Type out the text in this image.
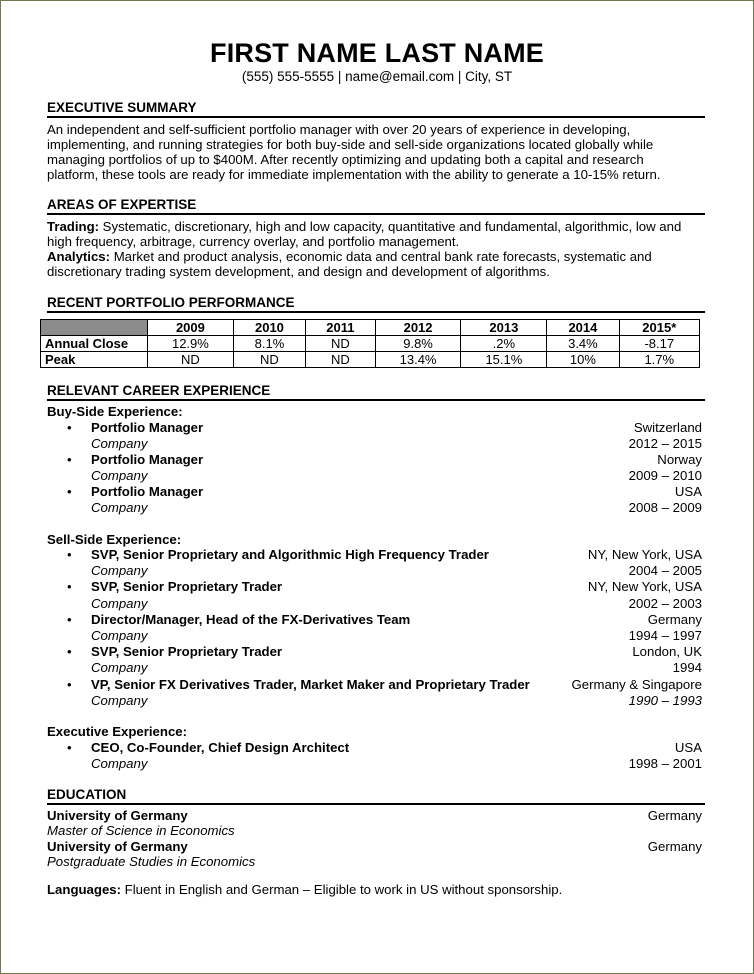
FIRST NAME LAST NAME
(555) 555-5555 | name@email.com | City, ST
EXECUTIVE SUMMARY
An independent and self-sufficient portfolio manager with over 20 years of experience in developing,
implementing, and running strategies for both buy-side and sell-side organizations located globally while
managing portfolios of up to $400M. After recently optimizing and updating both a capital and research
platform, these tools are ready for immediate implementation with the ability to generate a 10-15% return.
AREAS OF EXPERTISE
Trading: Systematic, discretionary, high and low capacity, quantitative and fundamental, algorithmic, low and
high frequency, arbitrage, currency overlay, and portfolio management.
Analytics: Market and product analysis, economic data and central bank rate forecasts, systematic and
discretionary trading system development, and design and development of algorithms.
RECENT PORTFOLIO PERFORMANCE
	2009	2010	2011	2012	2013	2014	2015*
Annual Close	12.9%	8.1%	ND	9.8%	.2%	3.4%	-8.17
Peak	ND	ND	ND	13.4%	15.1%	10%	1.7%
RELEVANT CAREER EXPERIENCE
Buy-Side Experience:
• Portfolio Manager	Switzerland
Company	2012 – 2015
• Portfolio Manager	Norway
Company	2009 – 2010
• Portfolio Manager	USA
Company	2008 – 2009
Sell-Side Experience:
• SVP, Senior Proprietary and Algorithmic High Frequency Trader	NY, New York, USA
Company	2004 – 2005
• SVP, Senior Proprietary Trader	NY, New York, USA
Company	2002 – 2003
• Director/Manager, Head of the FX-Derivatives Team	Germany
Company	1994 – 1997
• SVP, Senior Proprietary Trader	London, UK
Company	1994
• VP, Senior FX Derivatives Trader, Market Maker and Proprietary Trader	Germany & Singapore
Company	1990 – 1993
Executive Experience:
• CEO, Co-Founder, Chief Design Architect	USA
Company	1998 – 2001
EDUCATION
University of Germany	Germany
Master of Science in Economics
University of Germany	Germany
Postgraduate Studies in Economics
Languages: Fluent in English and German – Eligible to work in US without sponsorship.
